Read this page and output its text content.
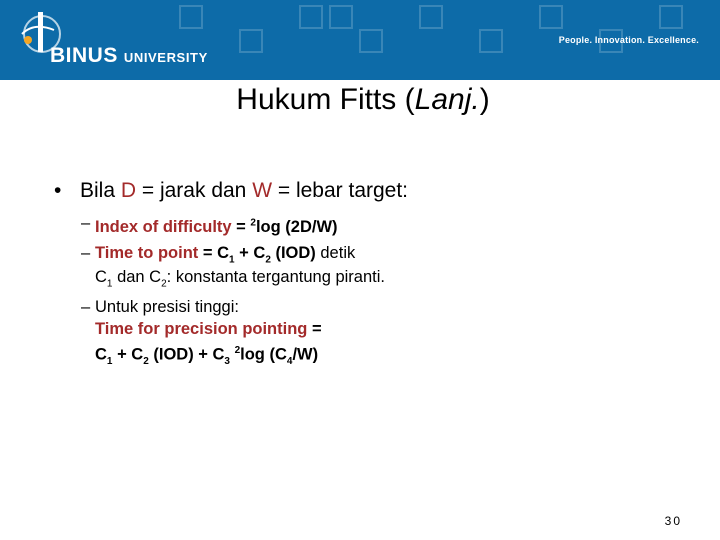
BINUS UNIVERSITY
People. Innovation. Excellence.
Hukum Fitts (Lanj.)
• Bila D = jarak dan W = lebar target:
– Index of difficulty = $^2$log (2D/W)
– Time to point = $C_1 + C_2$ (IOD) detik
$C_1$ dan $C_2$: konstanta tergantung piranti.
– Untuk presisi tinggi:
Time for precision pointing =
$C_1 + C_2$ $(IOD) + C_3$ $^2$log $(C_4/W)$
30
